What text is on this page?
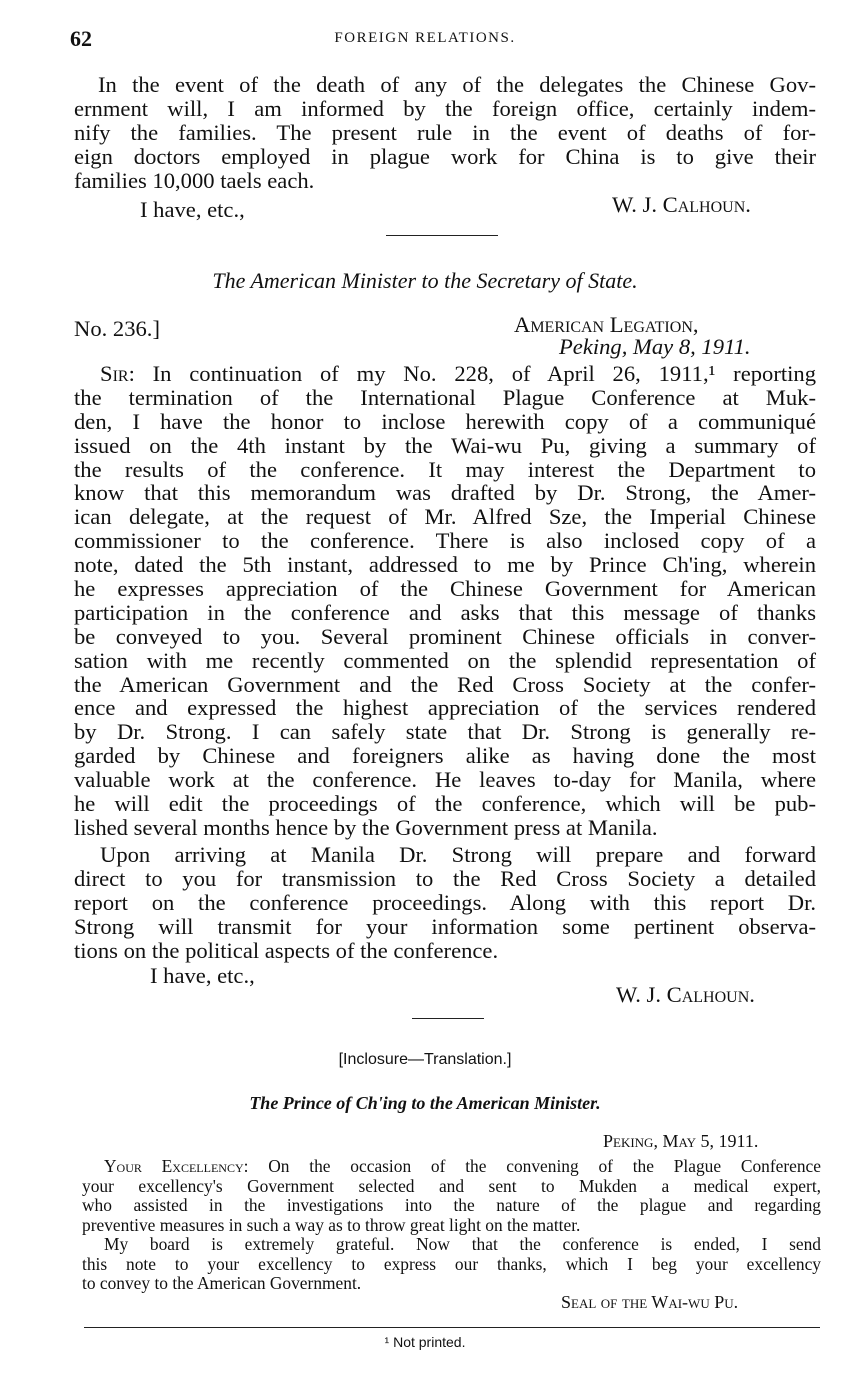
62	FOREIGN RELATIONS.
In the event of the death of any of the delegates the Chinese Gov-
ernment will, I am informed by the foreign office, certainly indem-
nify the families. The present rule in the event of deaths of for-
eign doctors employed in plague work for China is to give their
families 10,000 taels each.
I have, etc.,	W. J. Calhoun.
The American Minister to the Secretary of State.
No. 236.]	American Legation,
Peking, May 8, 1911.
Sir: In continuation of my No. 228, of April 26, 1911,¹ reporting
the termination of the International Plague Conference at Muk-
den, I have the honor to inclose herewith copy of a communiqué
issued on the 4th instant by the Wai-wu Pu, giving a summary of
the results of the conference. It may interest the Department to
know that this memorandum was drafted by Dr. Strong, the Amer-
ican delegate, at the request of Mr. Alfred Sze, the Imperial Chinese
commissioner to the conference. There is also inclosed copy of a
note, dated the 5th instant, addressed to me by Prince Ch'ing, wherein
he expresses appreciation of the Chinese Government for American
participation in the conference and asks that this message of thanks
be conveyed to you. Several prominent Chinese officials in conver-
sation with me recently commented on the splendid representation of
the American Government and the Red Cross Society at the confer-
ence and expressed the highest appreciation of the services rendered
by Dr. Strong. I can safely state that Dr. Strong is generally re-
garded by Chinese and foreigners alike as having done the most
valuable work at the conference. He leaves to-day for Manila, where
he will edit the proceedings of the conference, which will be pub-
lished several months hence by the Government press at Manila.
Upon arriving at Manila Dr. Strong will prepare and forward
direct to you for transmission to the Red Cross Society a detailed
report on the conference proceedings. Along with this report Dr.
Strong will transmit for your information some pertinent observa-
tions on the political aspects of the conference.
I have, etc.,
W. J. Calhoun.
[Inclosure—Translation.]
The Prince of Ch'ing to the American Minister.
Peking, May 5, 1911.
Your Excellency: On the occasion of the convening of the Plague Conference
your excellency's Government selected and sent to Mukden a medical expert,
who assisted in the investigations into the nature of the plague and regarding
preventive measures in such a way as to throw great light on the matter.
My board is extremely grateful. Now that the conference is ended, I send
this note to your excellency to express our thanks, which I beg your excellency
to convey to the American Government.
Seal of the Wai-wu Pu.
¹ Not printed.
